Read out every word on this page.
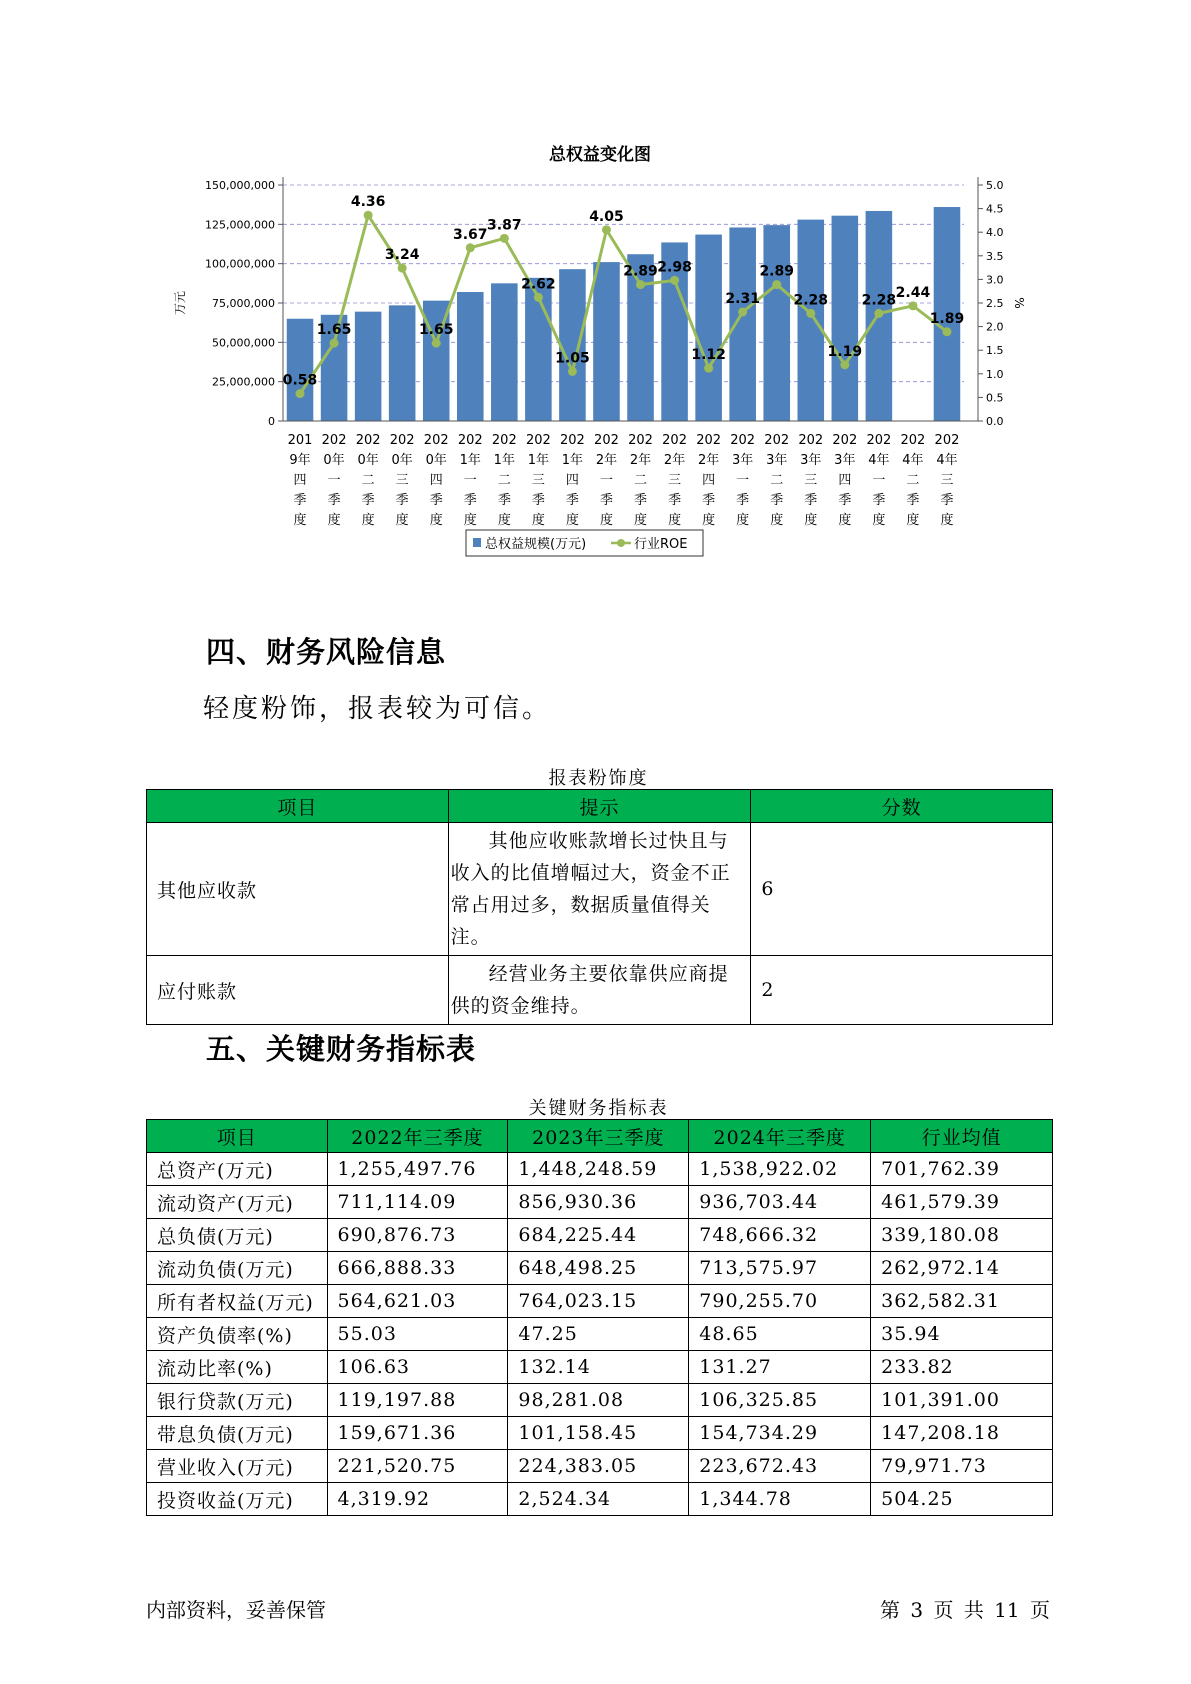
总权益变化图
0
25,000,000
50,000,000
75,000,000
100,000,000
125,000,000
150,000,000
0.0
0.5
1.0
1.5
2.0
2.5
3.0
3.5
4.0
4.5
5.0
万元	%
0.58
1.65
4.36
3.24
1.65
3.67
3.87
2.62
1.05
4.05
2.89 2.98
1.12
2.31
2.89
2.28
1.19
2.28 2.44
1.89
201
9年
四
季
度
202
0年
一
季
度
202
0年
二
季
度
202
0年
三
季
度
202
0年
四
季
度
202
1年
一
季
度
202
1年
二
季
度
202
1年
三
季
度
202
1年
四
季
度
202
2年
一
季
度
202
2年
二
季
度
202
2年
三
季
度
202
2年
四
季
度
202
3年
一
季
度
202
3年
二
季
度
202
3年
三
季
度
202
3年
四
季
度
202
4年
一
季
度
202
4年
二
季
度
202
4年
三
季
度
总权益规模(万元)	行业ROE
四、财务风险信息
轻度粉饰，报表较为可信。
报表粉饰度
项目	提示	分数
其他应收款	其他应收账款增长过快且与收入的比值增幅过大，资金不正常占用过多，数据质量值得关注。	6
应付账款	经营业务主要依靠供应商提供的资金维持。	2
五、关键财务指标表
关键财务指标表
项目	2022年三季度	2023年三季度	2024年三季度	行业均值
总资产(万元)	1,255,497.76	1,448,248.59	1,538,922.02	701,762.39
流动资产(万元)	711,114.09	856,930.36	936,703.44	461,579.39
总负债(万元)	690,876.73	684,225.44	748,666.32	339,180.08
流动负债(万元)	666,888.33	648,498.25	713,575.97	262,972.14
所有者权益(万元)	564,621.03	764,023.15	790,255.70	362,582.31
资产负债率(%)	55.03	47.25	48.65	35.94
流动比率(%)	106.63	132.14	131.27	233.82
银行贷款(万元)	119,197.88	98,281.08	106,325.85	101,391.00
带息负债(万元)	159,671.36	101,158.45	154,734.29	147,208.18
营业收入(万元)	221,520.75	224,383.05	223,672.43	79,971.73
投资收益(万元)	4,319.92	2,524.34	1,344.78	504.25
内部资料，妥善保管	第 3 页 共 11 页
